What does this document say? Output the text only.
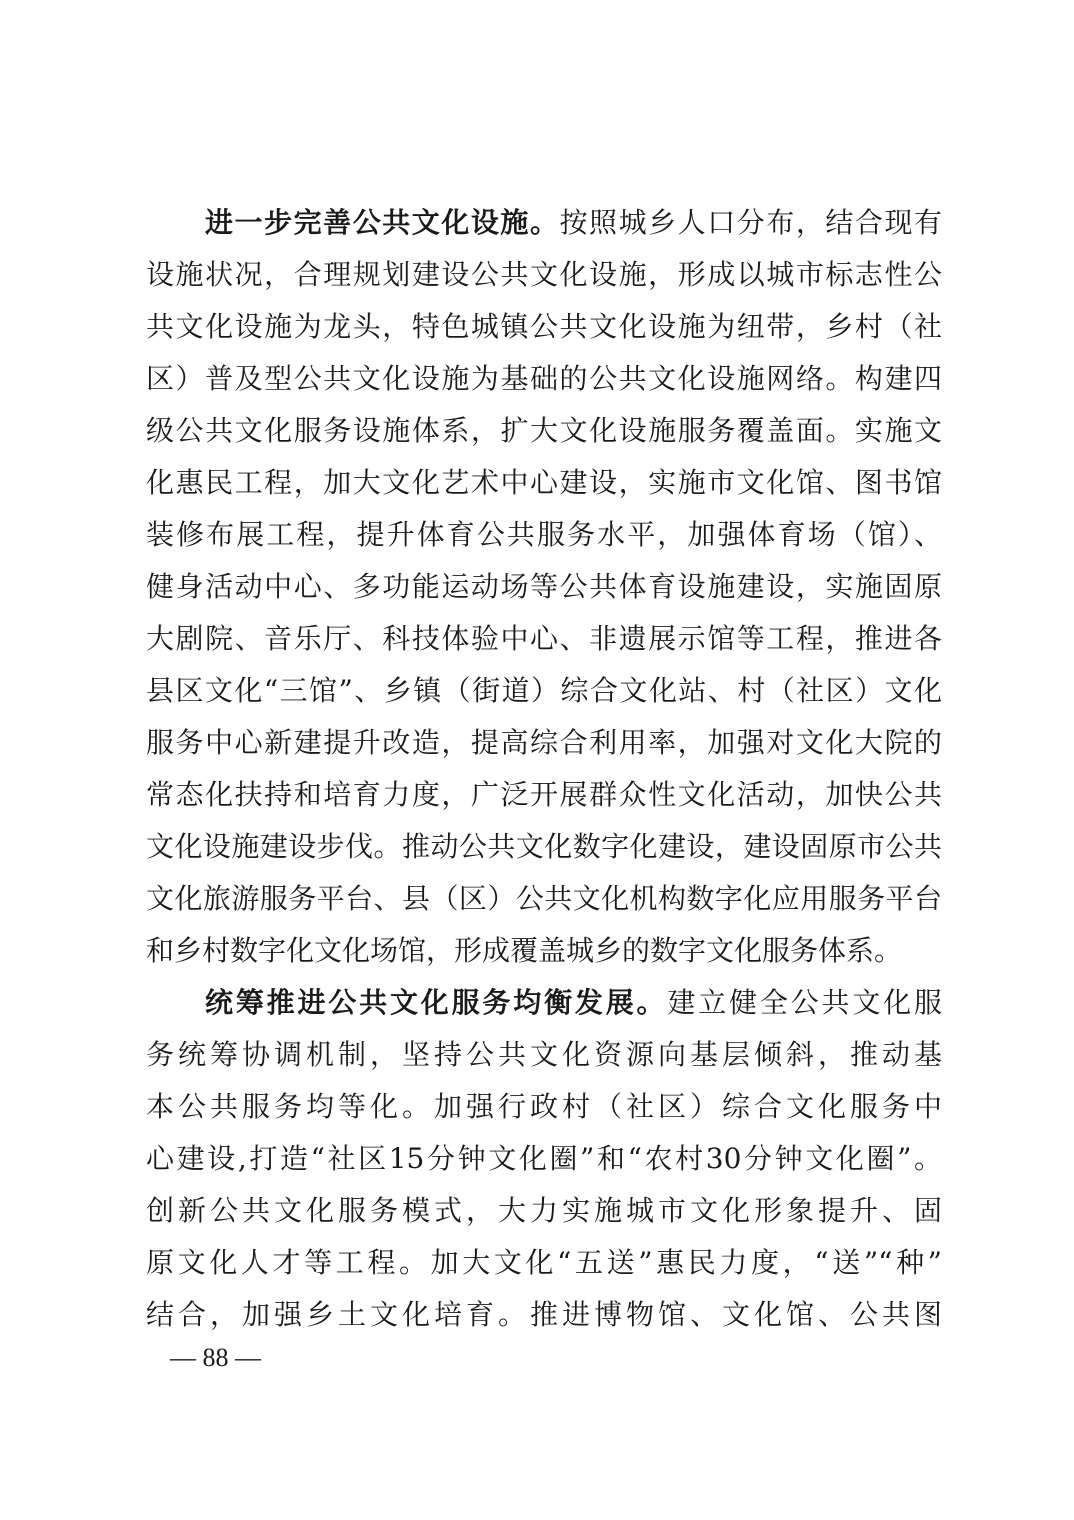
进一步完善公共文化设施。按照城乡人口分布，结合现有
设施状况，合理规划建设公共文化设施，形成以城市标志性公
共文化设施为龙头，特色城镇公共文化设施为纽带，乡村（社
区）普及型公共文化设施为基础的公共文化设施网络。构建四
级公共文化服务设施体系，扩大文化设施服务覆盖面。实施文
化惠民工程，加大文化艺术中心建设，实施市文化馆、图书馆
装修布展工程，提升体育公共服务水平，加强体育场（馆）、
健身活动中心、多功能运动场等公共体育设施建设，实施固原
大剧院、音乐厅、科技体验中心、非遗展示馆等工程，推进各
县区文化“三馆”、乡镇（街道）综合文化站、村（社区）文化
服务中心新建提升改造，提高综合利用率，加强对文化大院的
常态化扶持和培育力度，广泛开展群众性文化活动，加快公共
文化设施建设步伐。推动公共文化数字化建设，建设固原市公共
文化旅游服务平台、县（区）公共文化机构数字化应用服务平台
和乡村数字化文化场馆，形成覆盖城乡的数字文化服务体系。
统筹推进公共文化服务均衡发展。建立健全公共文化服
务统筹协调机制，坚持公共文化资源向基层倾斜，推动基
本公共服务均等化。加强行政村（社区）综合文化服务中
心建设,打造“社区15分钟文化圈”和“农村30分钟文化圈”。
创新公共文化服务模式，大力实施城市文化形象提升、固
原文化人才等工程。加大文化“五送”惠民力度，“送”“种”
结合，加强乡土文化培育。推进博物馆、文化馆、公共图
— 88 —
